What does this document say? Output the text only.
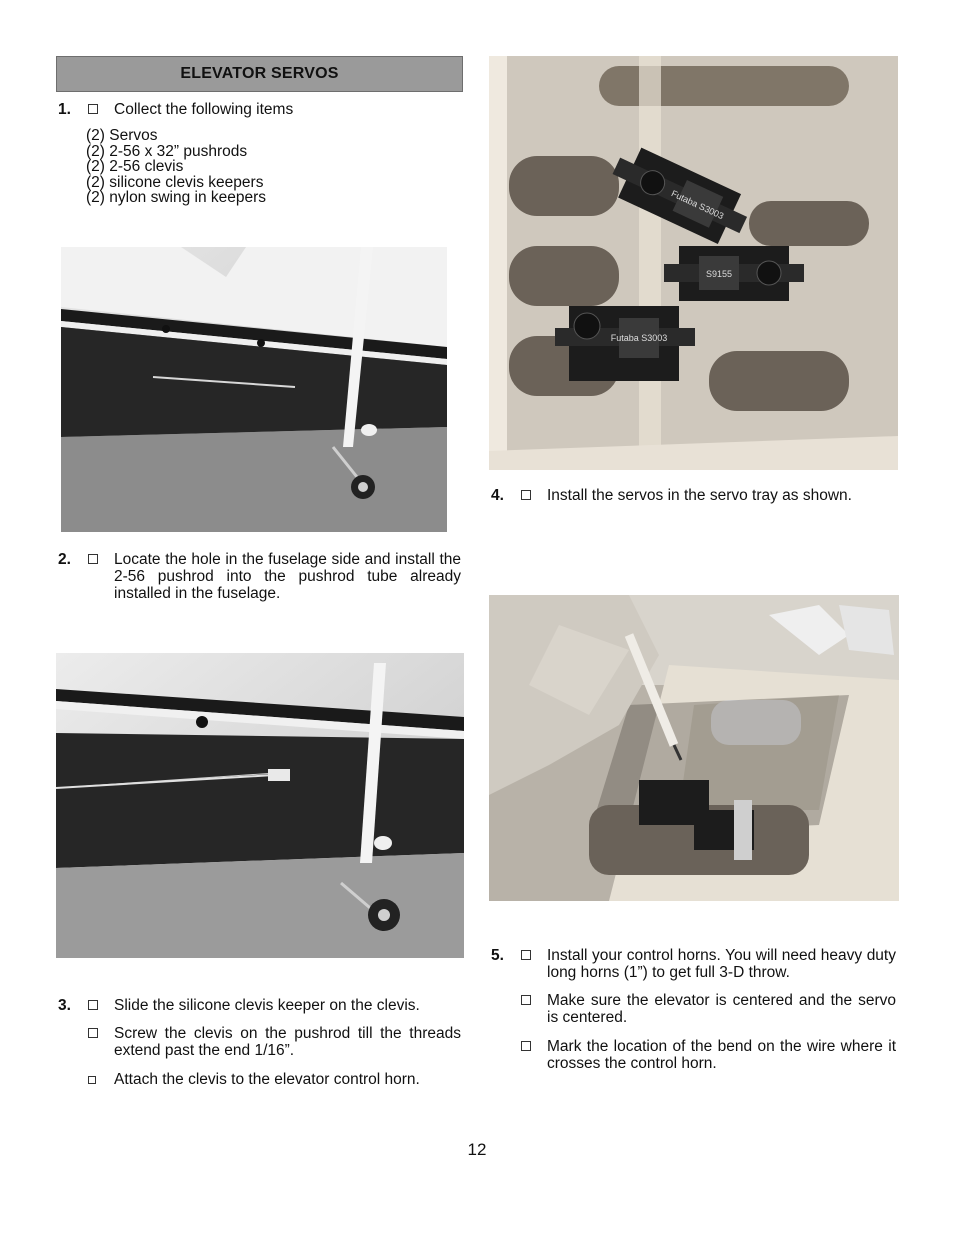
ELEVATOR SERVOS
1.	Collect the following items
(2) Servos
(2) 2-56 x 32” pushrods
(2) 2-56 clevis
(2) silicone clevis keepers
(2) nylon swing in keepers
2.	Locate the hole in the fuselage side and install the 2-56 pushrod into the pushrod tube already installed in the fuselage.
3.	Slide the silicone clevis keeper on the clevis.
Screw the clevis on the pushrod till the threads extend past the end 1/16”.
Attach the clevis to the elevator control horn.
Futaba S3003
S9155
Futaba S3003
4.	Install the servos in the servo tray as shown.
5.	Install your control horns. You will need heavy duty long horns (1”) to get full 3-D throw.
Make sure the elevator is centered and the servo is centered.
Mark the location of the bend on the wire where it crosses the control horn.
12
